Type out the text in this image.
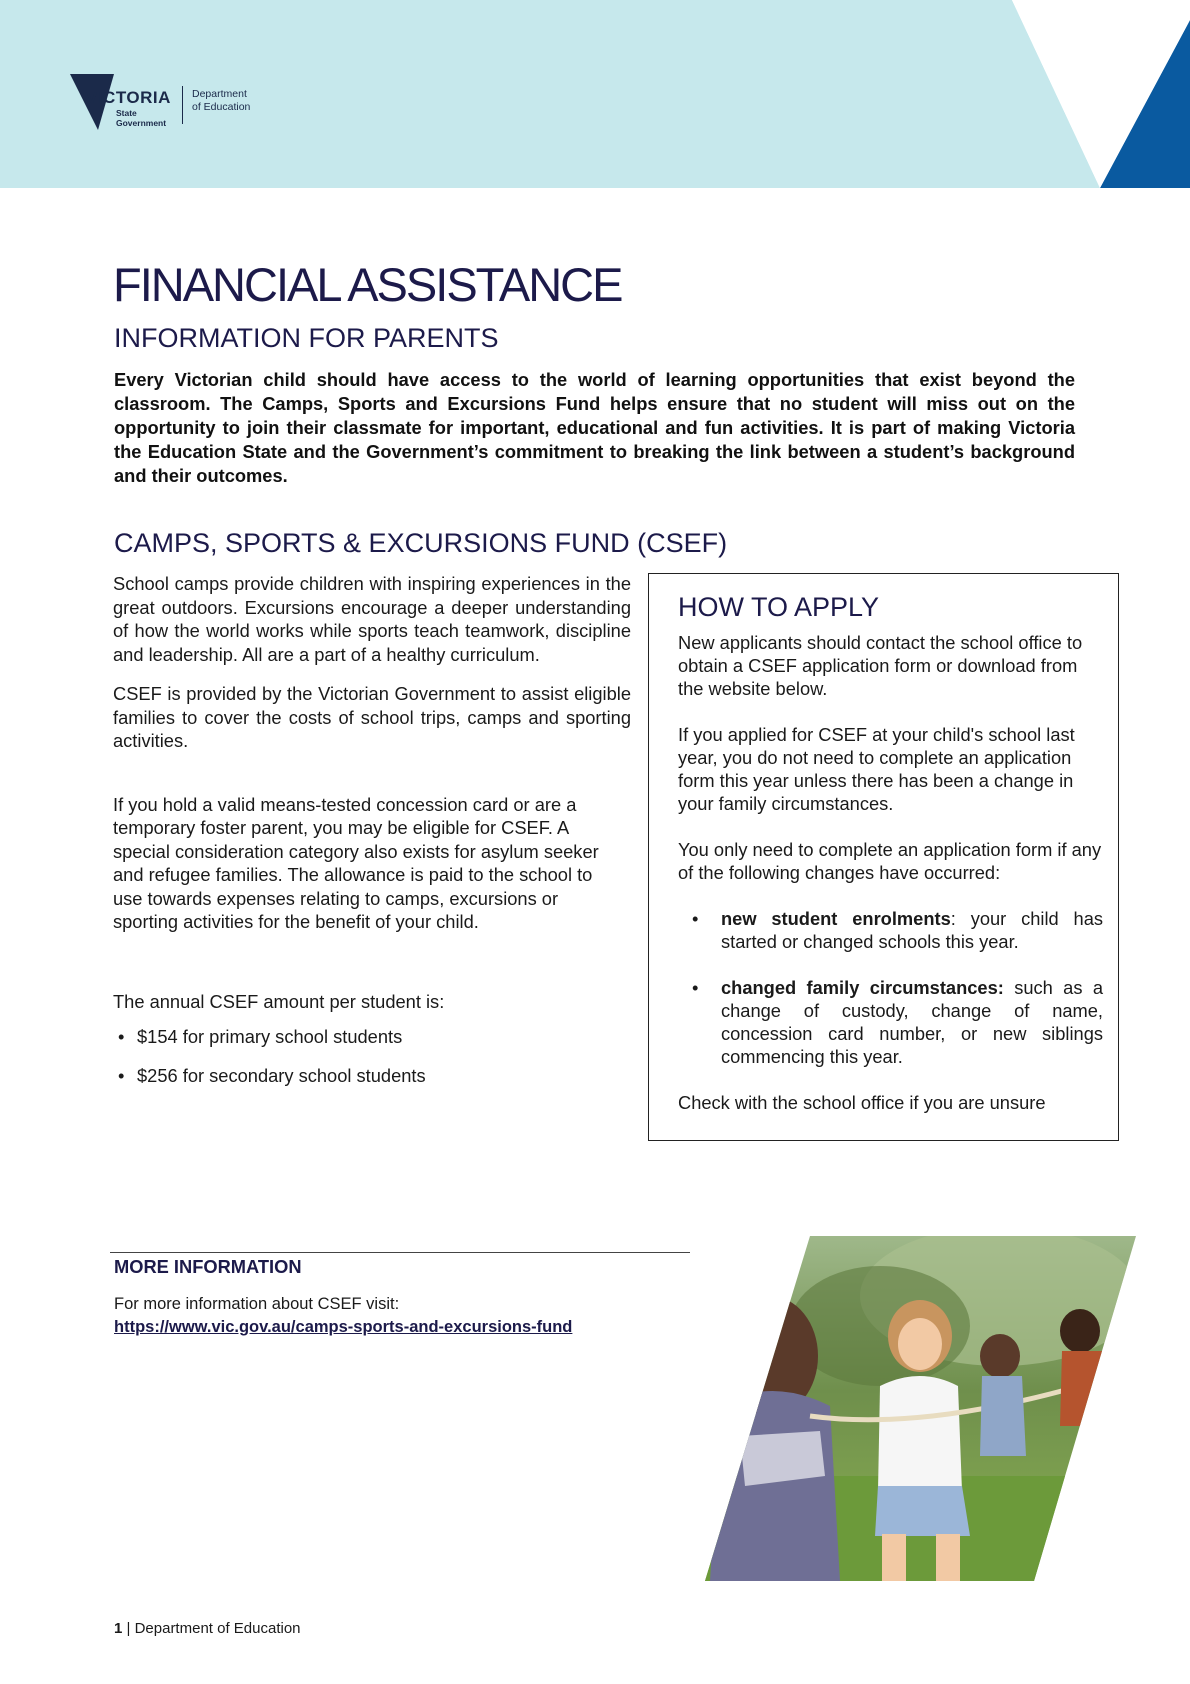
VICTORIA
State
Government
Department
of Education
FINANCIAL ASSISTANCE
INFORMATION FOR PARENTS

Every Victorian child should have access to the world of learning opportunities that exist beyond the classroom. The Camps, Sports and Excursions Fund helps ensure that no student will miss out on the opportunity to join their classmate for important, educational and fun activities. It is part of making Victoria the Education State and the Government’s commitment to breaking the link between a student’s background and their outcomes.

CAMPS, SPORTS & EXCURSIONS FUND (CSEF)

School camps provide children with inspiring experiences in the great outdoors. Excursions encourage a deeper understanding of how the world works while sports teach teamwork, discipline and leadership. All are a part of a healthy curriculum.

CSEF is provided by the Victorian Government to assist eligible families to cover the costs of school trips, camps and sporting activities.

If you hold a valid means-tested concession card or are a temporary foster parent, you may be eligible for CSEF. A special consideration category also exists for asylum seeker and refugee families. The allowance is paid to the school to use towards expenses relating to camps, excursions or sporting activities for the benefit of your child.

The annual CSEF amount per student is:

• $154 for primary school students
• $256 for secondary school students
HOW TO APPLY

New applicants should contact the school office to obtain a CSEF application form or download from the website below.

If you applied for CSEF at your child's school last year, you do not need to complete an application form this year unless there has been a change in your family circumstances.

You only need to complete an application form if any of the following changes have occurred:

• new student enrolments: your child has started or changed schools this year.
• changed family circumstances: such as a change of custody, change of name, concession card number, or new siblings commencing this year.

Check with the school office if you are unsure

MORE INFORMATION
For more information about CSEF visit:
https://www.vic.gov.au/camps-sports-and-excursions-fund
1 | Department of Education
